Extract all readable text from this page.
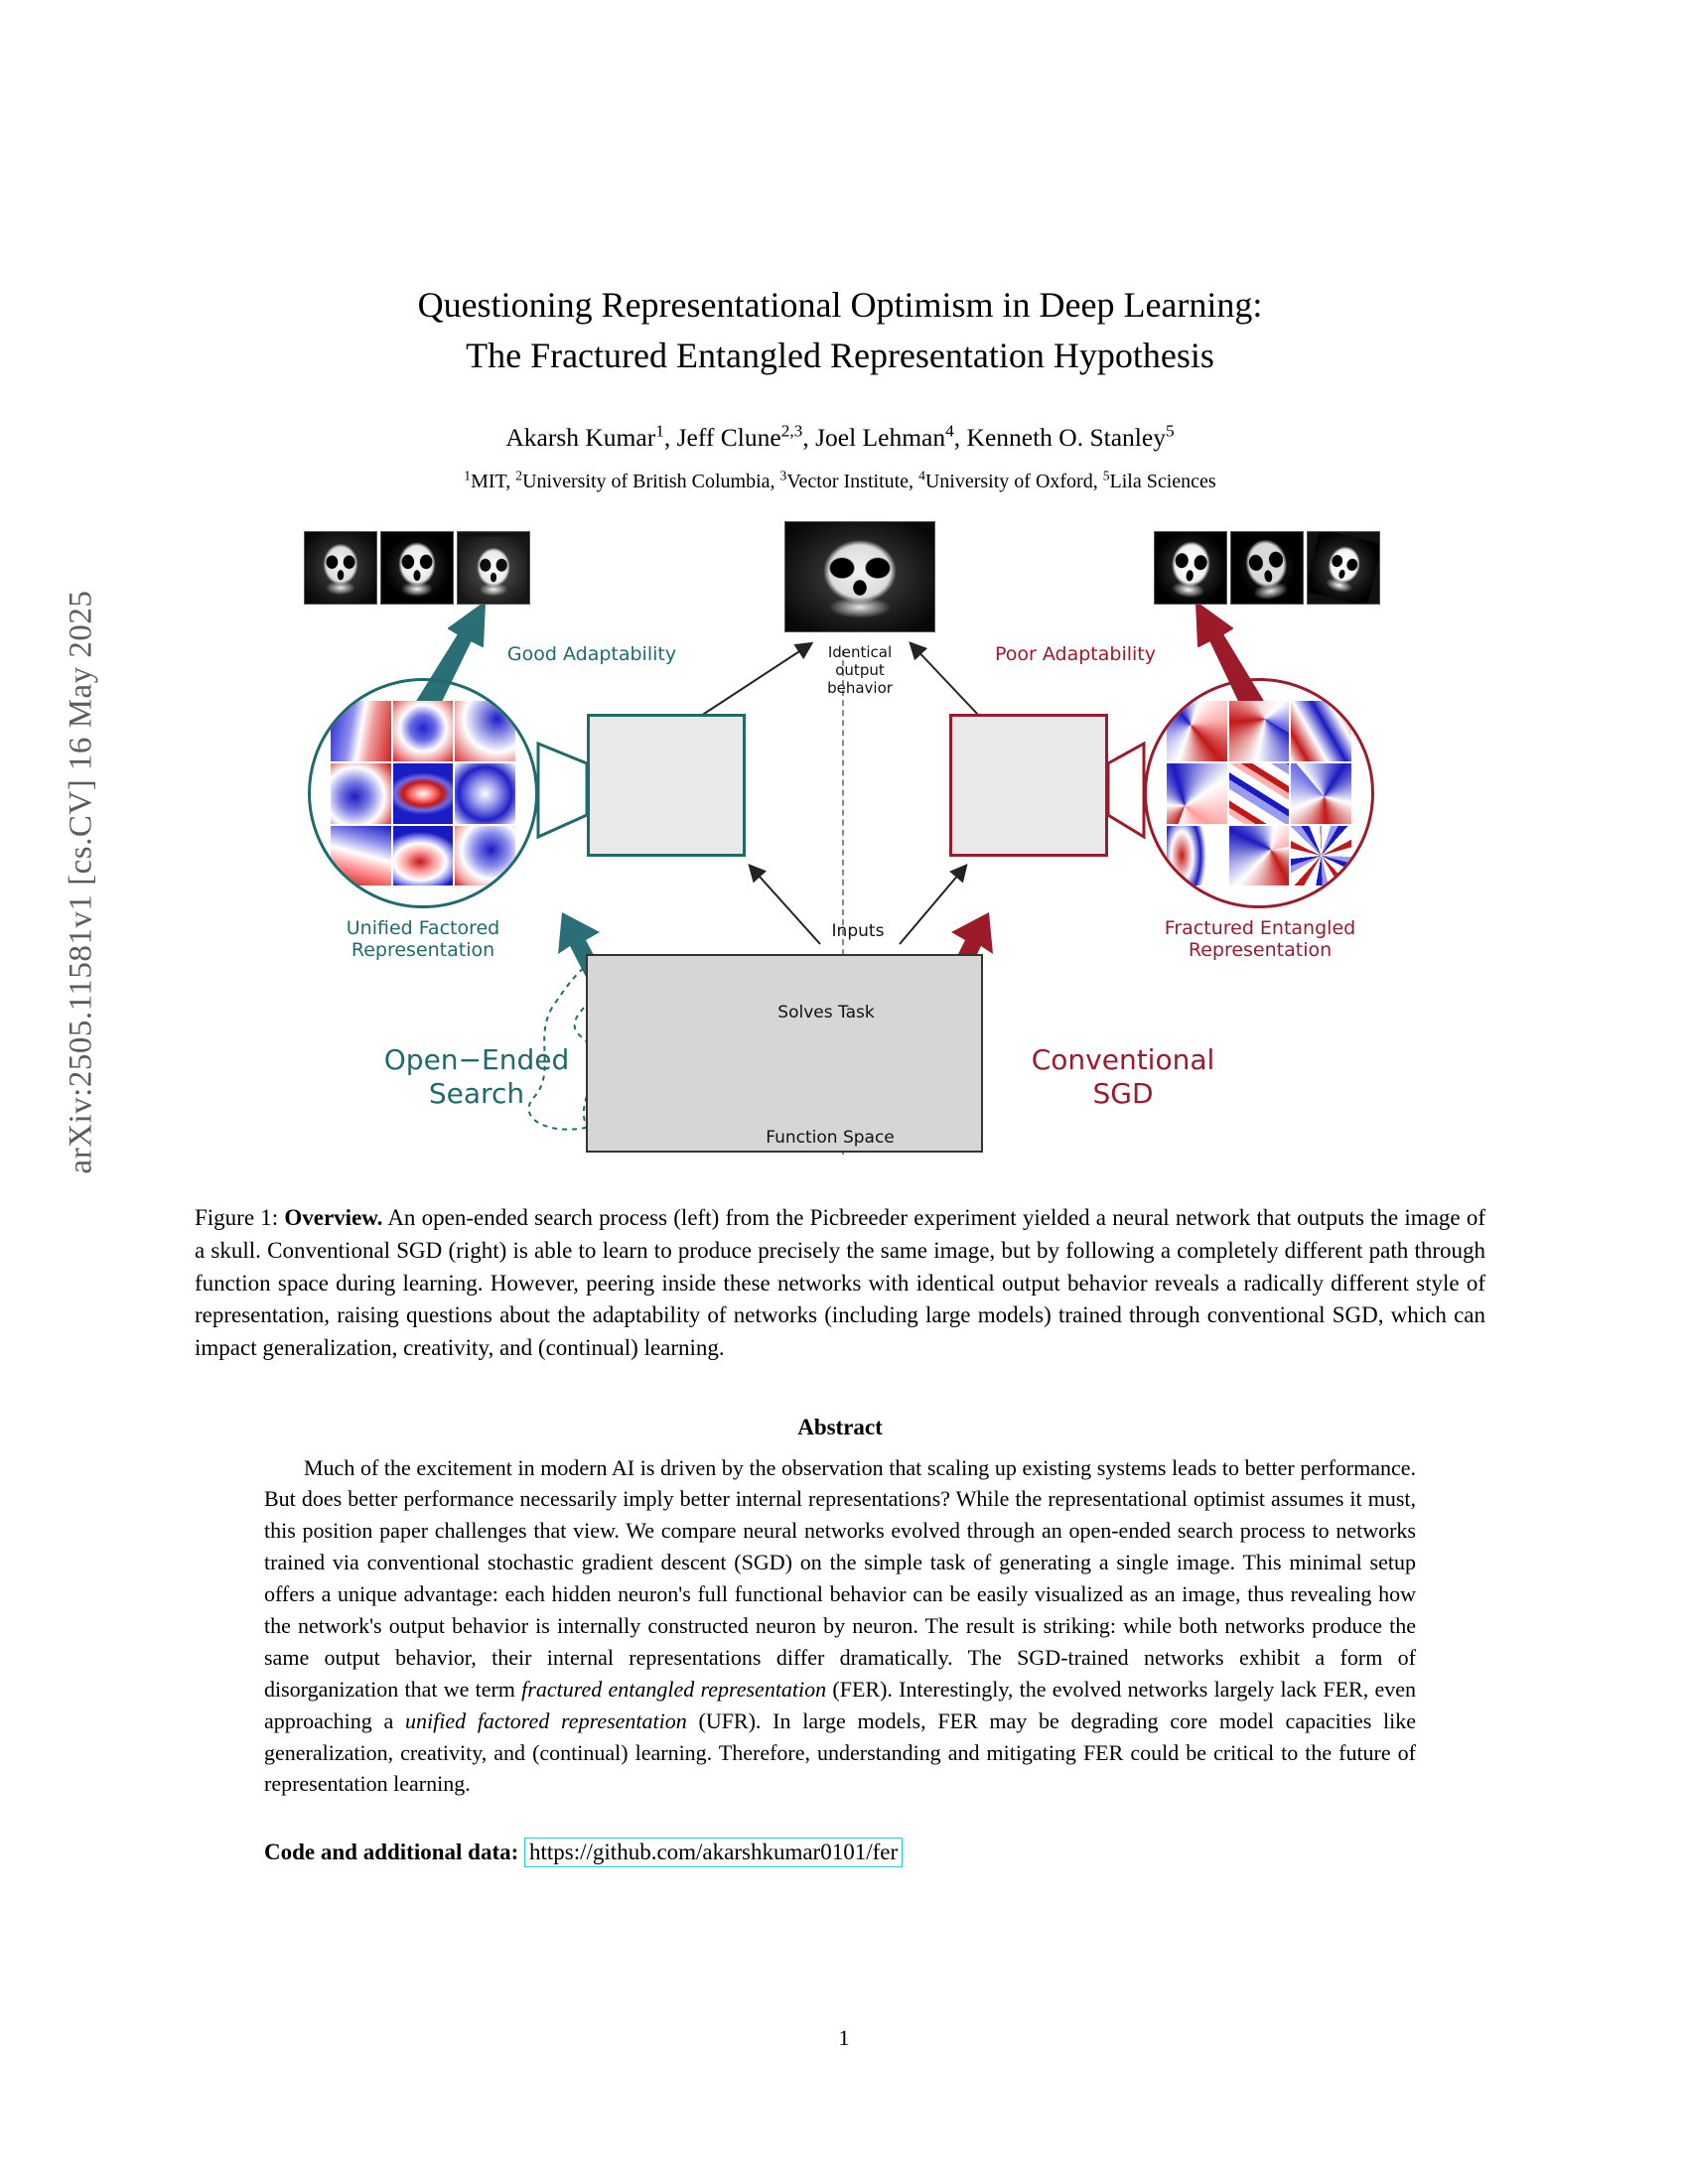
arXiv:2505.11581v1 [cs.CV] 16 May 2025
Questioning Representational Optimism in Deep Learning:
The Fractured Entangled Representation Hypothesis
Akarsh Kumar$^1$, Jeff Clune$^{2,3}$, Joel Lehman$^4$, Kenneth O. Stanley$^5$
$^1$MIT, $^2$University of British Columbia, $^3$Vector Institute, $^4$University of Oxford, $^5$Lila Sciences
Good Adaptability	Poor Adaptability
Identical
output
behavior
Unified Factored
Representation
Fractured Entangled
Representation
Inputs
Solves Task
Function Space
Open−Ended
Search
Conventional
SGD
Figure 1: Overview. An open-ended search process (left) from the Picbreeder experiment yielded a neural network that outputs the image of a skull. Conventional SGD (right) is able to learn to produce precisely the same image, but by following a completely different path through function space during learning. However, peering inside these networks with identical output behavior reveals a radically different style of representation, raising questions about the adaptability of networks (including large models) trained through conventional SGD, which can impact generalization, creativity, and (continual) learning.
Abstract
Much of the excitement in modern AI is driven by the observation that scaling up existing systems leads to better performance. But does better performance necessarily imply better internal representations? While the representational optimist assumes it must, this position paper challenges that view. We compare neural networks evolved through an open-ended search process to networks trained via conventional stochastic gradient descent (SGD) on the simple task of generating a single image. This minimal setup offers a unique advantage: each hidden neuron's full functional behavior can be easily visualized as an image, thus revealing how the network's output behavior is internally constructed neuron by neuron. The result is striking: while both networks produce the same output behavior, their internal representations differ dramatically. The SGD-trained networks exhibit a form of disorganization that we term fractured entangled representation (FER). Interestingly, the evolved networks largely lack FER, even approaching a unified factored representation (UFR). In large models, FER may be degrading core model capacities like generalization, creativity, and (continual) learning. Therefore, understanding and mitigating FER could be critical to the future of representation learning.
Code and additional data: https://github.com/akarshkumar0101/fer
1
